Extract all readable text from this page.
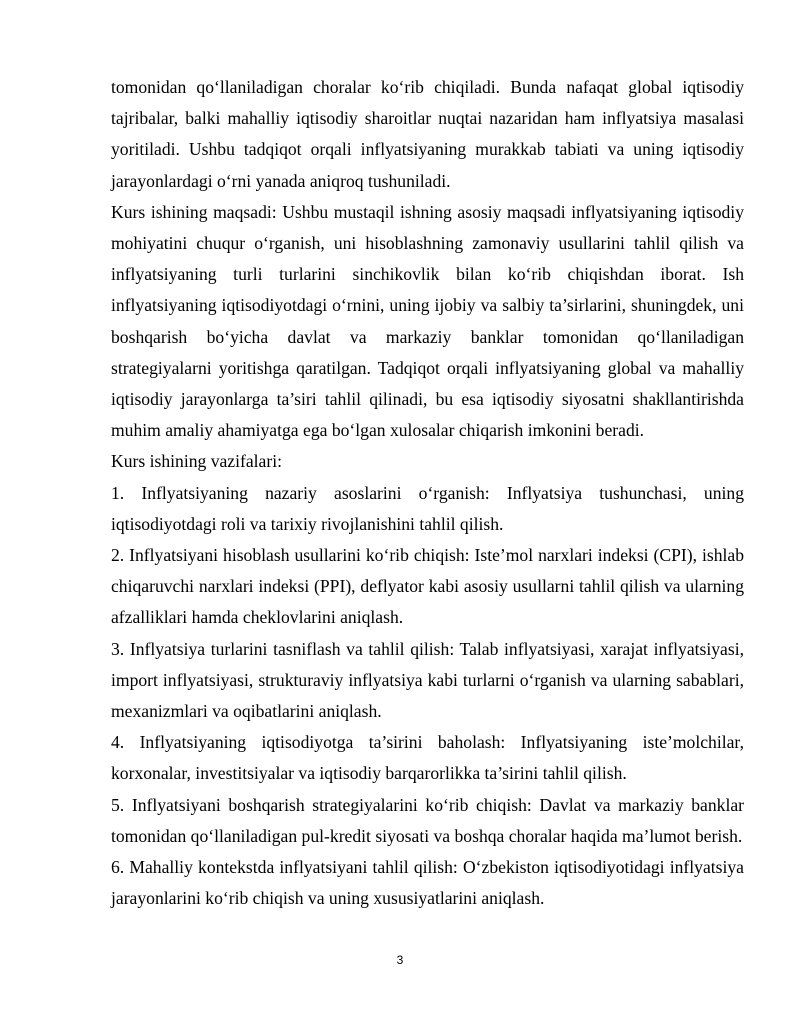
tomonidan qo‘llaniladigan choralar ko‘rib chiqiladi. Bunda nafaqat global iqtisodiy tajribalar, balki mahalliy iqtisodiy sharoitlar nuqtai nazaridan ham inflyatsiya masalasi yoritiladi. Ushbu tadqiqot orqali inflyatsiyaning murakkab tabiati va uning iqtisodiy jarayonlardagi o‘rni yanada aniqroq tushuniladi.

Kurs ishining maqsadi: Ushbu mustaqil ishning asosiy maqsadi inflyatsiyaning iqtisodiy mohiyatini chuqur o‘rganish, uni hisoblashning zamonaviy usullarini tahlil qilish va inflyatsiyaning turli turlarini sinchikovlik bilan ko‘rib chiqishdan iborat. Ish inflyatsiyaning iqtisodiyotdagi o‘rnini, uning ijobiy va salbiy ta’sirlarini, shuningdek, uni boshqarish bo‘yicha davlat va markaziy banklar tomonidan qo‘llaniladigan strategiyalarni yoritishga qaratilgan. Tadqiqot orqali inflyatsiyaning global va mahalliy iqtisodiy jarayonlarga ta’siri tahlil qilinadi, bu esa iqtisodiy siyosatni shakllantirishda muhim amaliy ahamiyatga ega bo‘lgan xulosalar chiqarish imkonini beradi.

Kurs ishining vazifalari:

1. Inflyatsiyaning nazariy asoslarini o‘rganish: Inflyatsiya tushunchasi, uning iqtisodiyotdagi roli va tarixiy rivojlanishini tahlil qilish.

2. Inflyatsiyani hisoblash usullarini ko‘rib chiqish: Iste’mol narxlari indeksi (CPI), ishlab chiqaruvchi narxlari indeksi (PPI), deflyator kabi asosiy usullarni tahlil qilish va ularning afzalliklari hamda cheklovlarini aniqlash.

3. Inflyatsiya turlarini tasniflash va tahlil qilish: Talab inflyatsiyasi, xarajat inflyatsiyasi, import inflyatsiyasi, strukturaviy inflyatsiya kabi turlarni o‘rganish va ularning sabablari, mexanizmlari va oqibatlarini aniqlash.

4. Inflyatsiyaning iqtisodiyotga ta’sirini baholash: Inflyatsiyaning iste’molchilar, korxonalar, investitsiyalar va iqtisodiy barqarorlikka ta’sirini tahlil qilish.

5. Inflyatsiyani boshqarish strategiyalarini ko‘rib chiqish: Davlat va markaziy banklar tomonidan qo‘llaniladigan pul-kredit siyosati va boshqa choralar haqida ma’lumot berish.

6. Mahalliy kontekstda inflyatsiyani tahlil qilish: O‘zbekiston iqtisodiyotidagi inflyatsiya jarayonlarini ko‘rib chiqish va uning xususiyatlarini aniqlash.

3
